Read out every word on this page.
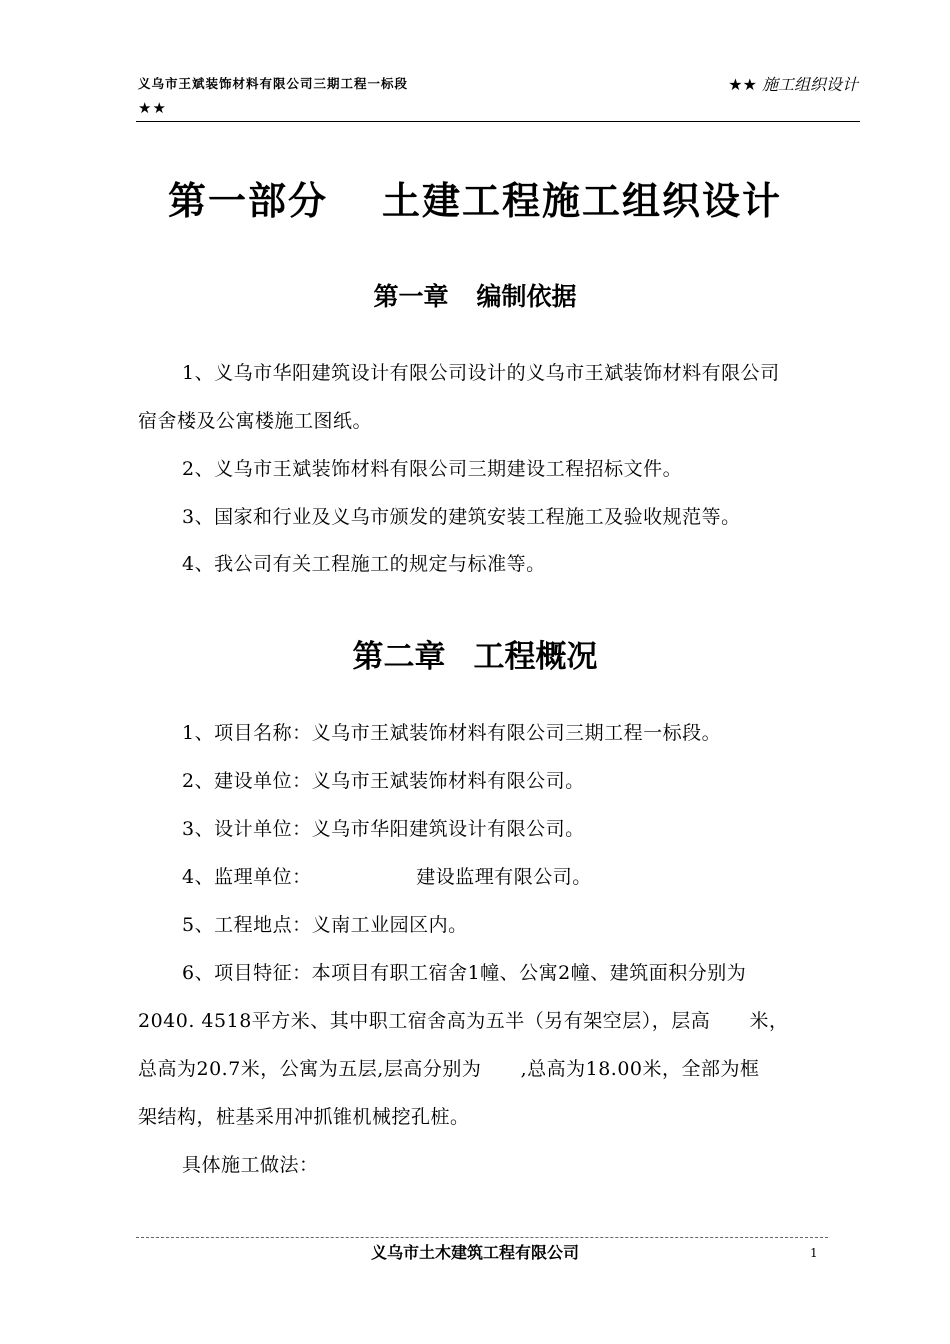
义乌市王斌装饰材料有限公司三期工程一标段
★★
★★ 施工组织设计
第一部分 土建工程施工组织设计
第一章 编制依据
1、义乌市华阳建筑设计有限公司设计的义乌市王斌装饰材料有限公司
宿舍楼及公寓楼施工图纸。
2、义乌市王斌装饰材料有限公司三期建设工程招标文件。
3、国家和行业及义乌市颁发的建筑安装工程施工及验收规范等。
4、我公司有关工程施工的规定与标准等。
第二章 工程概况
1、项目名称：义乌市王斌装饰材料有限公司三期工程一标段。
2、建设单位：义乌市王斌装饰材料有限公司。
3、设计单位：义乌市华阳建筑设计有限公司。
4、监理单位：                建设监理有限公司。
5、工程地点：义南工业园区内。
6、项目特征：本项目有职工宿舍1幢、公寓2幢、建筑面积分别为
2040. 4518平方米、其中职工宿舍高为五半（另有架空层），层高      米，
总高为20.7米，公寓为五层,层高分别为      ,总高为18.00米，全部为框
架结构，桩基采用冲抓锥机械挖孔桩。
具体施工做法：
义乌市土木建筑工程有限公司	1
